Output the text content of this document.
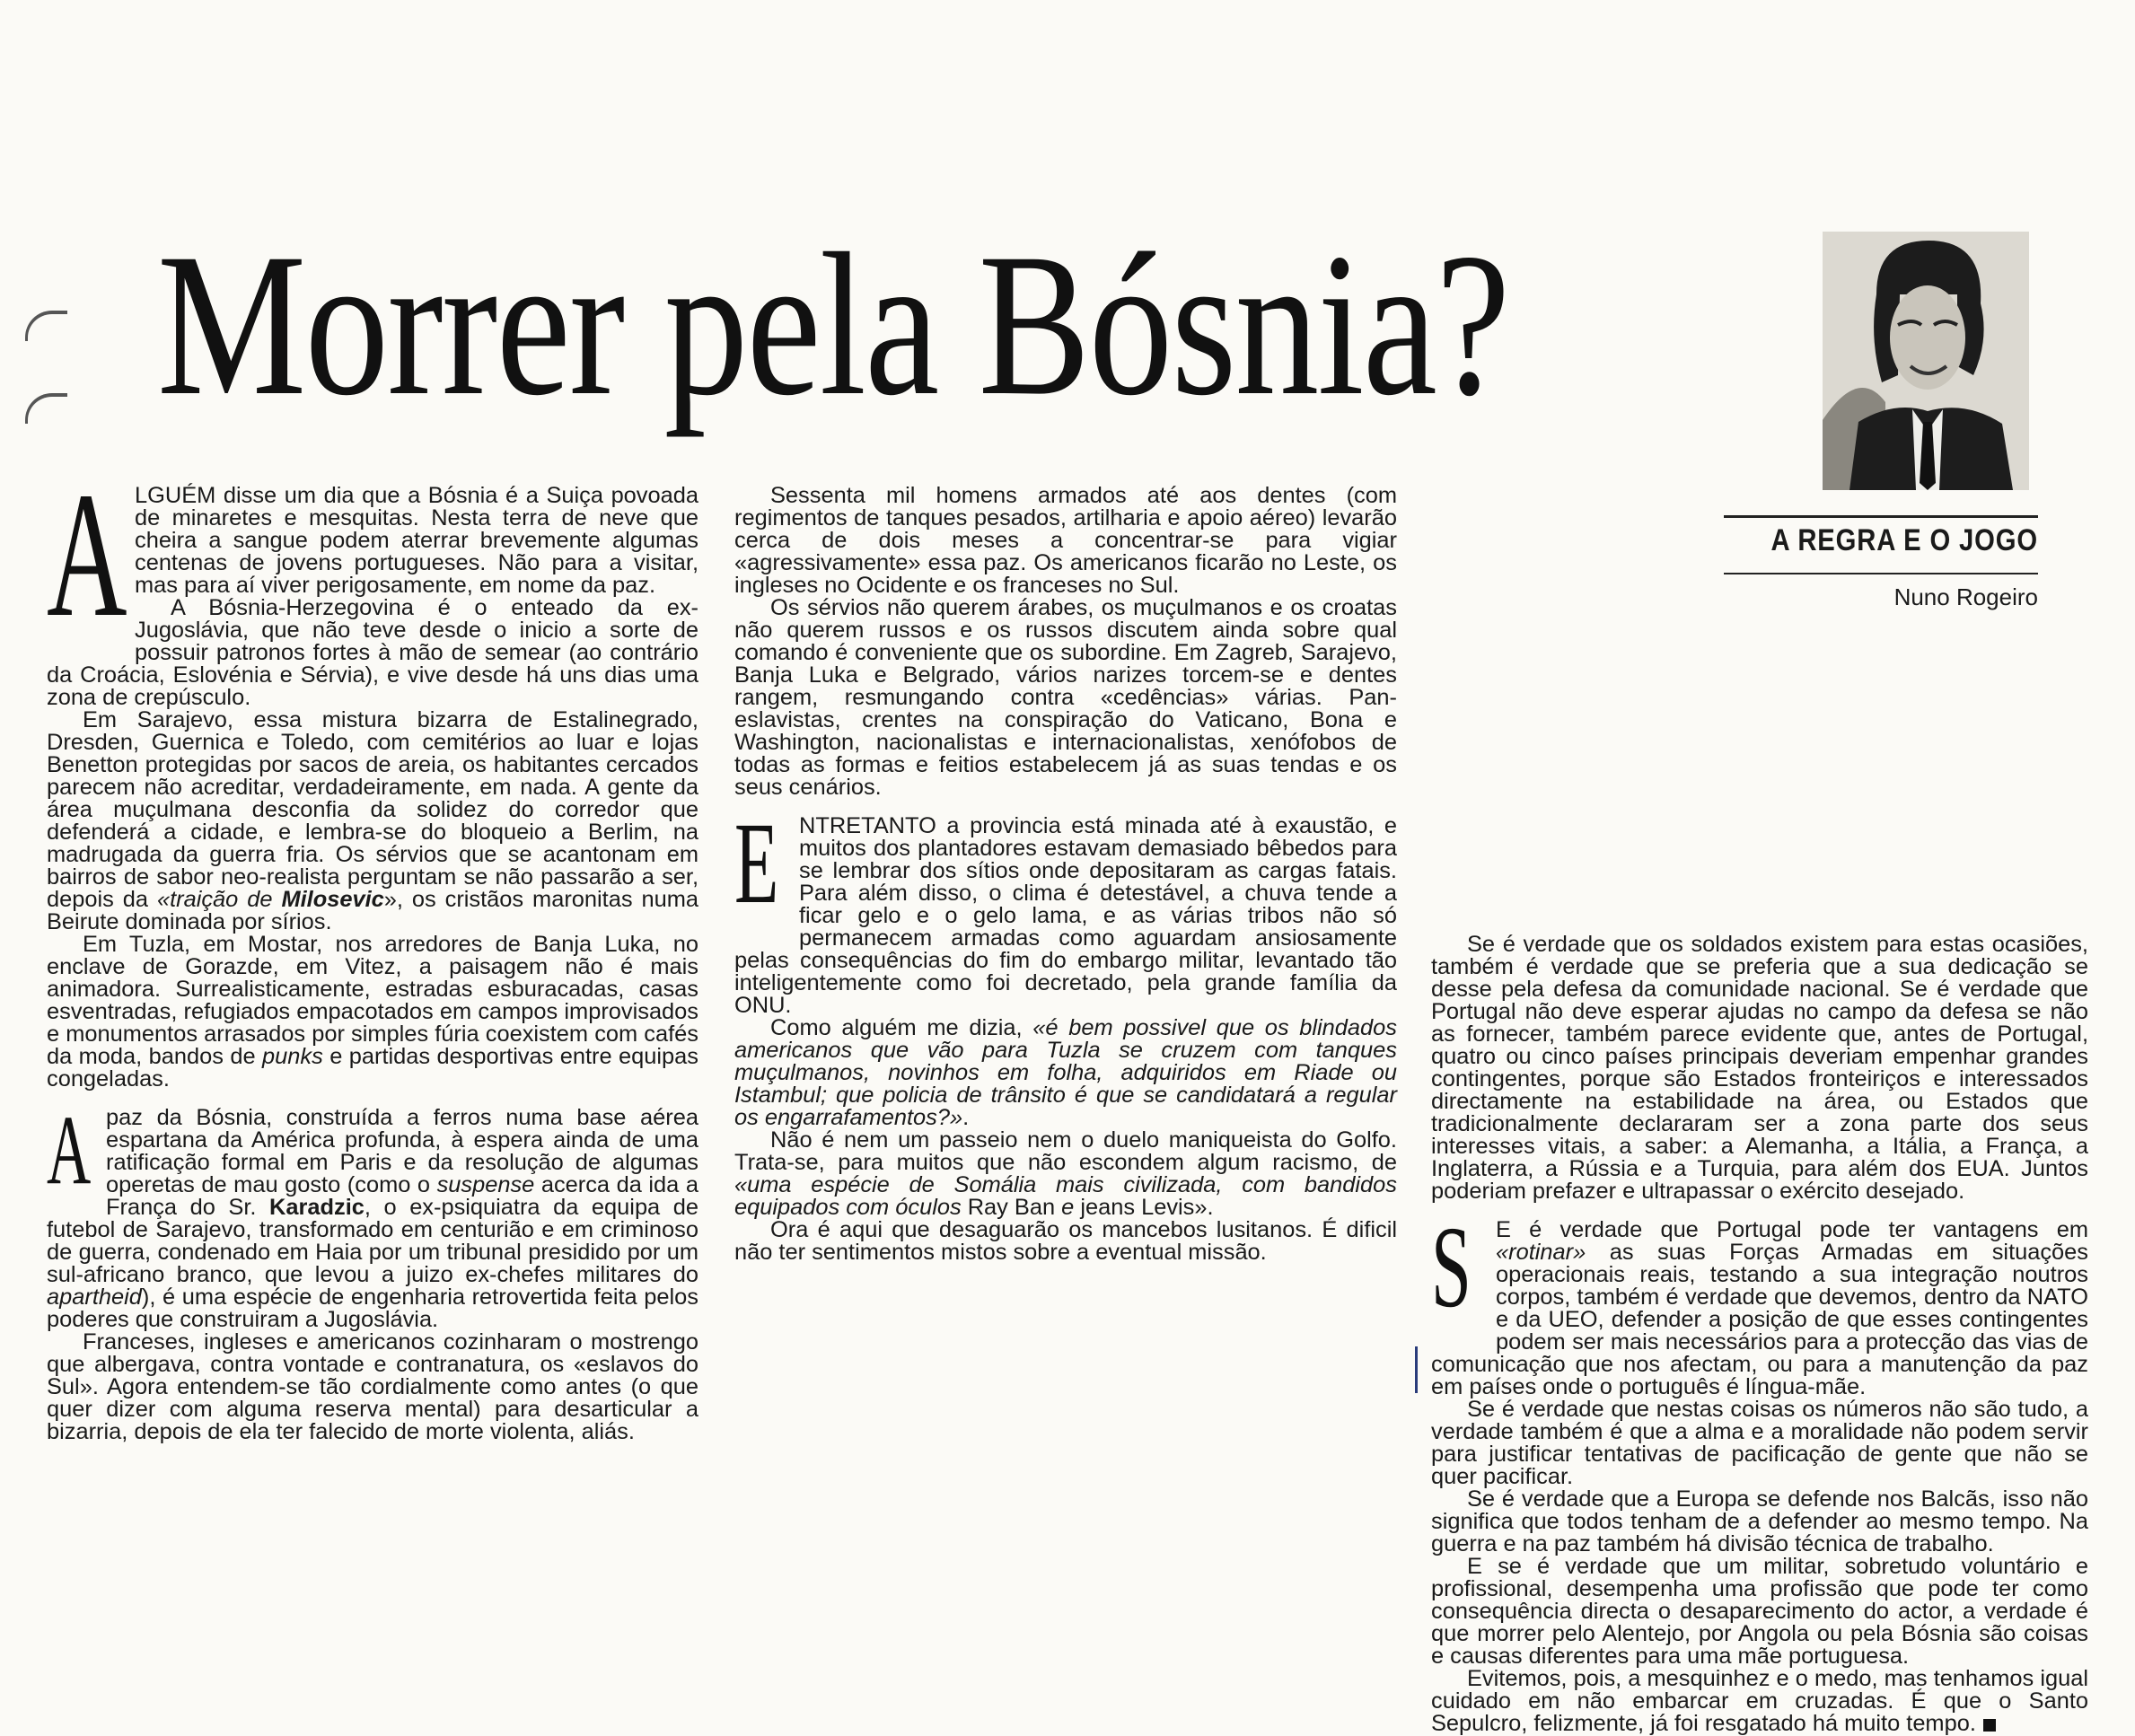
Morrer pela Bósnia?
A REGRA E O JOGO
Nuno Rogeiro

ALGUÉM disse um dia que a Bósnia é a Suiça povoada de minaretes e mesquitas. Nesta terra de neve que cheira a sangue podem aterrar brevemente algumas centenas de jovens portugueses. Não para a visitar, mas para aí viver perigosamente, em nome da paz.

A Bósnia-Herzegovina é o enteado da ex-Jugoslávia, que não teve desde o inicio a sorte de possuir patronos fortes à mão de semear (ao contrário da Croácia, Eslovénia e Sérvia), e vive desde há uns dias uma zona de crepúsculo.

Em Sarajevo, essa mistura bizarra de Estalinegrado, Dresden, Guernica e Toledo, com cemitérios ao luar e lojas Benetton protegidas por sacos de areia, os habitantes cercados parecem não acreditar, verdadeiramente, em nada. A gente da área muçulmana desconfia da solidez do corredor que defenderá a cidade, e lembra-se do bloqueio a Berlim, na madrugada da guerra fria. Os sérvios que se acantonam em bairros de sabor neo-realista perguntam se não passarão a ser, depois da «traição de Milosevic», os cristãos maronitas numa Beirute dominada por sírios.

Em Tuzla, em Mostar, nos arredores de Banja Luka, no enclave de Gorazde, em Vitez, a paisagem não é mais animadora. Surrealisticamente, estradas esburacadas, casas esventradas, refugiados empacotados em campos improvisados e monumentos arrasados por simples fúria coexistem com cafés da moda, bandos de punks e partidas desportivas entre equipas congeladas.

Apaz da Bósnia, construída a ferros numa base aérea espartana da América profunda, à espera ainda de uma ratificação formal em Paris e da resolução de algumas operetas de mau gosto (como o suspense acerca da ida a França do Sr. Karadzic, o ex-psiquiatra da equipa de futebol de Sarajevo, transformado em centurião e em criminoso de guerra, condenado em Haia por um tribunal presidido por um sul-africano branco, que levou a juizo ex-chefes militares do apartheid), é uma espécie de engenharia retrovertida feita pelos poderes que construiram a Jugoslávia.

Franceses, ingleses e americanos cozinharam o mostrengo que albergava, contra vontade e contranatura, os «eslavos do Sul». Agora entendem-se tão cordialmente como antes (o que quer dizer com alguma reserva mental) para desarticular a bizarria, depois de ela ter falecido de morte violenta, aliás.

Sessenta mil homens armados até aos dentes (com regimentos de tanques pesados, artilharia e apoio aéreo) levarão cerca de dois meses a concentrar-se para vigiar «agressivamente» essa paz. Os americanos ficarão no Leste, os ingleses no Ocidente e os franceses no Sul.

Os sérvios não querem árabes, os muçulmanos e os croatas não querem russos e os russos discutem ainda sobre qual comando é conveniente que os subordine. Em Zagreb, Sarajevo, Banja Luka e Belgrado, vários narizes torcem-se e dentes rangem, resmungando contra «cedências» várias. Pan-eslavistas, crentes na conspiração do Vaticano, Bona e Washington, nacionalistas e internacionalistas, xenófobos de todas as formas e feitios estabelecem já as suas tendas e os seus cenários.

ENTRETANTO a provincia está minada até à exaustão, e muitos dos plantadores estavam demasiado bêbedos para se lembrar dos sítios onde depositaram as cargas fatais. Para além disso, o clima é detestável, a chuva tende a ficar gelo e o gelo lama, e as várias tribos não só permanecem armadas como aguardam ansiosamente pelas consequências do fim do embargo militar, levantado tão inteligentemente como foi decretado, pela grande família da ONU.

Como alguém me dizia, «é bem possivel que os blindados americanos que vão para Tuzla se cruzem com tanques muçulmanos, novinhos em folha, adquiridos em Riade ou Istambul; que policia de trânsito é que se candidatará a regular os engarrafamentos?».

Não é nem um passeio nem o duelo maniqueista do Golfo. Trata-se, para muitos que não escondem algum racismo, de «uma espécie de Somália mais civilizada, com bandidos equipados com óculos Ray Ban e jeans Levis».

Ora é aqui que desaguarão os mancebos lusitanos. É dificil não ter sentimentos mistos sobre a eventual missão.

Se é verdade que os soldados existem para estas ocasiões, também é verdade que se preferia que a sua dedicação se desse pela defesa da comunidade nacional. Se é verdade que Portugal não deve esperar ajudas no campo da defesa se não as fornecer, também parece evidente que, antes de Portugal, quatro ou cinco países principais deveriam empenhar grandes contingentes, porque são Estados fronteiriços e interessados directamente na estabilidade na área, ou Estados que tradicionalmente declararam ser a zona parte dos seus interesses vitais, a saber: a Alemanha, a Itália, a França, a Inglaterra, a Rússia e a Turquia, para além dos EUA. Juntos poderiam prefazer e ultrapassar o exército desejado.

S E é verdade que Portugal pode ter vantagens em «rotinar» as suas Forças Armadas em situações operacionais reais, testando a sua integração noutros corpos, também é verdade que devemos, dentro da NATO e da UEO, defender a posição de que esses contingentes podem ser mais necessários para a protecção das vias de comunicação que nos afectam, ou para a manutenção da paz em países onde o português é língua-mãe.

Se é verdade que nestas coisas os números não são tudo, a verdade também é que a alma e a moralidade não podem servir para justificar tentativas de pacificação de gente que não se quer pacificar.

Se é verdade que a Europa se defende nos Balcãs, isso não significa que todos tenham de a defender ao mesmo tempo. Na guerra e na paz também há divisão técnica de trabalho.

E se é verdade que um militar, sobretudo voluntário e profissional, desempenha uma profissão que pode ter como consequência directa o desaparecimento do actor, a verdade é que morrer pelo Alentejo, por Angola ou pela Bósnia são coisas e causas diferentes para uma mãe portuguesa.

Evitemos, pois, a mesquinhez e o medo, mas tenhamos igual cuidado em não embarcar em cruzadas. É que o Santo Sepulcro, felizmente, já foi resgatado há muito tempo.
